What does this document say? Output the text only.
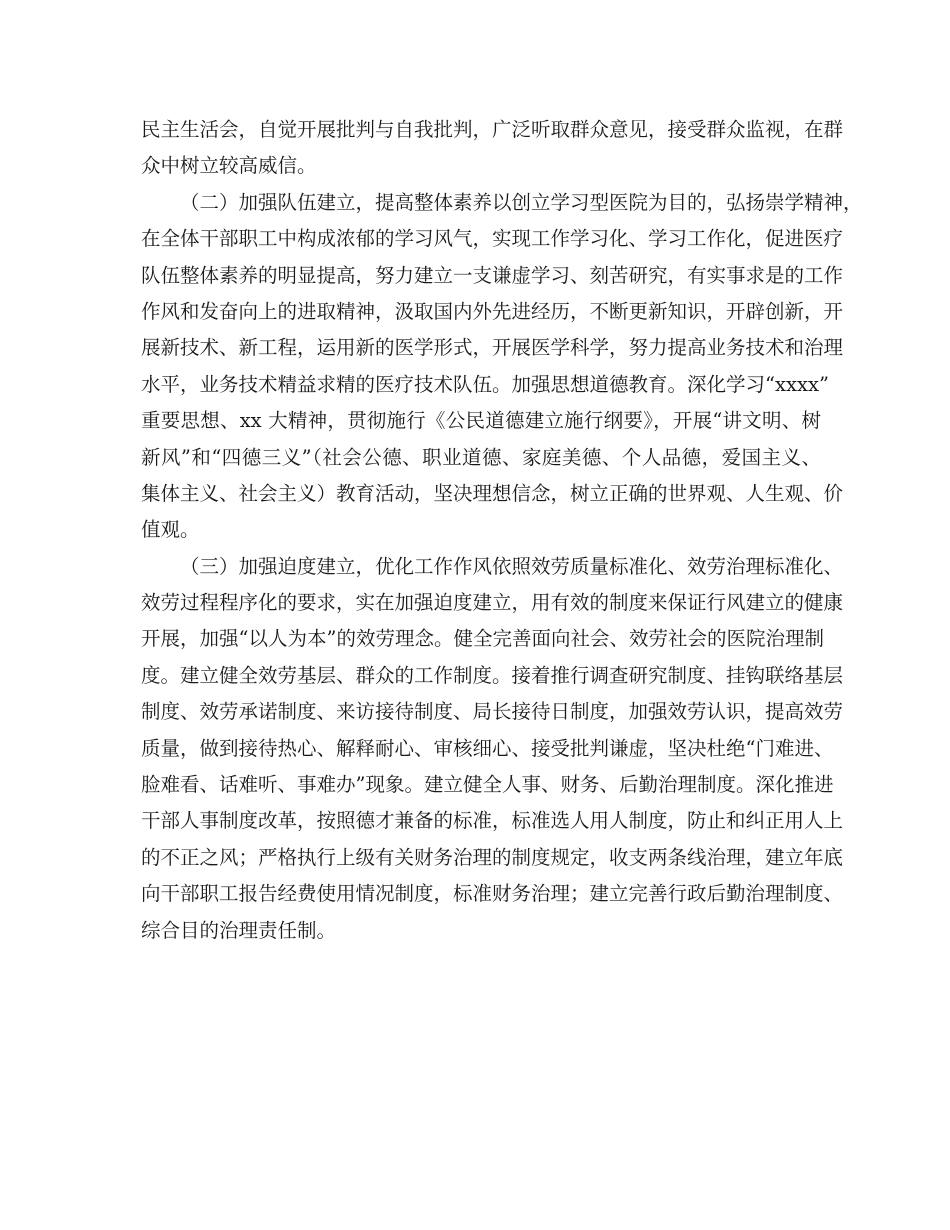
民主生活会，自觉开展批判与自我批判，广泛听取群众意见，接受群众监视，在群
众中树立较高威信。
（二）加强队伍建立，提高整体素养以创立学习型医院为目的，弘扬崇学精神，
在全体干部职工中构成浓郁的学习风气，实现工作学习化、学习工作化，促进医疗
队伍整体素养的明显提高，努力建立一支谦虚学习、刻苦研究，有实事求是的工作
作风和发奋向上的进取精神，汲取国内外先进经历，不断更新知识，开辟创新，开
展新技术、新工程，运用新的医学形式，开展医学科学，努力提高业务技术和治理
水平，业务技术精益求精的医疗技术队伍。加强思想道德教育。深化学习“xxxx”
重要思想、xx 大精神，贯彻施行《公民道德建立施行纲要》，开展“讲文明、树
新风”和“四德三义”（社会公德、职业道德、家庭美德、个人品德，爱国主义、
集体主义、社会主义）教育活动，坚决理想信念，树立正确的世界观、人生观、价
值观。
（三）加强迫度建立，优化工作作风依照效劳质量标准化、效劳治理标准化、
效劳过程程序化的要求，实在加强迫度建立，用有效的制度来保证行风建立的健康
开展，加强“以人为本”的效劳理念。健全完善面向社会、效劳社会的医院治理制
度。建立健全效劳基层、群众的工作制度。接着推行调查研究制度、挂钩联络基层
制度、效劳承诺制度、来访接待制度、局长接待日制度，加强效劳认识，提高效劳
质量，做到接待热心、解释耐心、审核细心、接受批判谦虚，坚决杜绝“门难进、
脸难看、话难听、事难办”现象。建立健全人事、财务、后勤治理制度。深化推进
干部人事制度改革，按照德才兼备的标准，标准选人用人制度，防止和纠正用人上
的不正之风；严格执行上级有关财务治理的制度规定，收支两条线治理，建立年底
向干部职工报告经费使用情况制度，标准财务治理；建立完善行政后勤治理制度、
综合目的治理责任制。
